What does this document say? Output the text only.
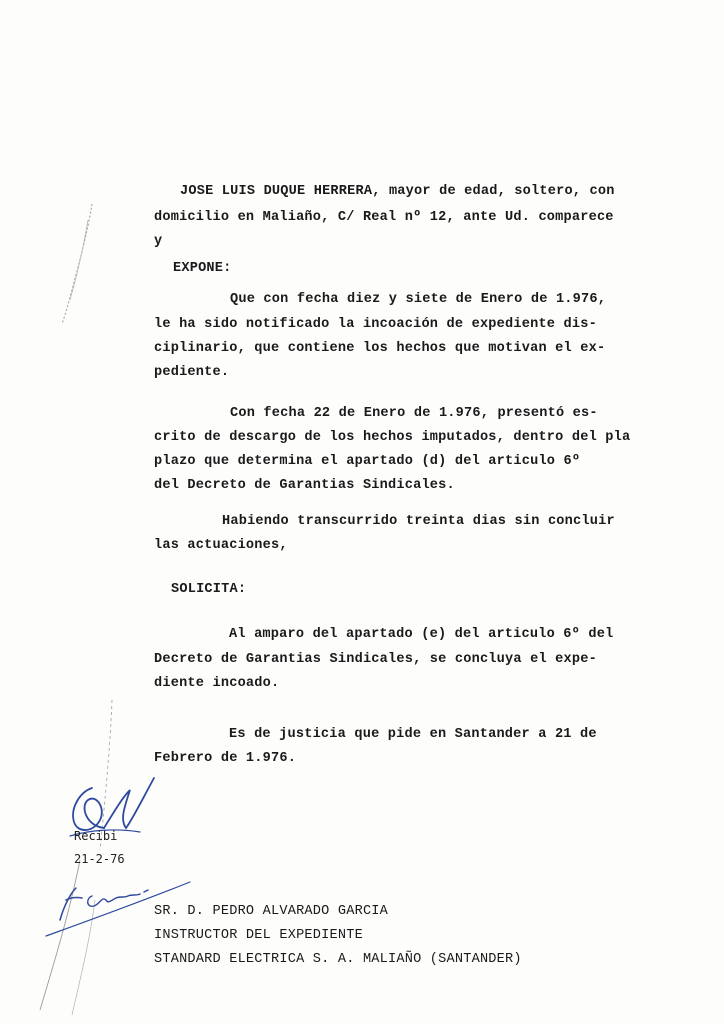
JOSE LUIS DUQUE HERRERA, mayor de edad, soltero, con
domicilio en Maliaño, C/ Real nº 12, ante Ud. comparece
y
EXPONE:
Que con fecha diez y siete de Enero de 1.976,
le ha sido notificado la incoación de expediente dis-
ciplinario, que contiene los hechos que motivan el ex-
pediente.
Con fecha 22 de Enero de 1.976, presentó es-
crito de descargo de los hechos imputados, dentro del pla
plazo que determina el apartado (d) del articulo 6º
del Decreto de Garantias Sindicales.
Habiendo transcurrido treinta dias sin concluir
las actuaciones,
SOLICITA:
Al amparo del apartado (e) del articulo 6º del
Decreto de Garantias Sindicales, se concluya el expe-
diente incoado.
Es de justicia que pide en Santander a 21 de
Febrero de 1.976.
Recibi
21-2-76
SR. D. PEDRO ALVARADO GARCIA
INSTRUCTOR DEL EXPEDIENTE
STANDARD ELECTRICA S. A. MALIAÑO (SANTANDER)
